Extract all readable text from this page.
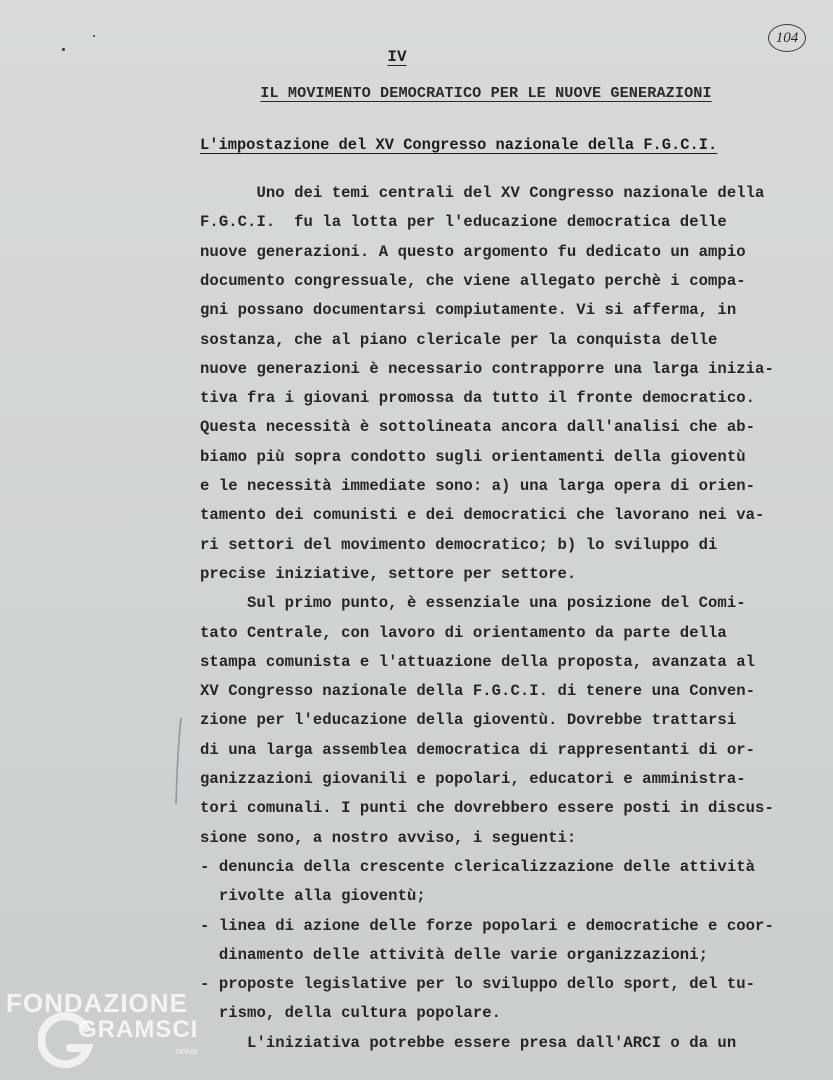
104
IV
IL MOVIMENTO DEMOCRATICO PER LE NUOVE GENERAZIONI
L'impostazione del XV Congresso nazionale della F.G.C.I.
Uno dei temi centrali del XV Congresso nazionale della
F.G.C.I.  fu la lotta per l'educazione democratica delle
nuove generazioni. A questo argomento fu dedicato un ampio
documento congressuale, che viene allegato perchè i compa-
gni possano documentarsi compiutamente. Vi si afferma, in
sostanza, che al piano clericale per la conquista delle
nuove generazioni è necessario contrapporre una larga inizia-
tiva fra i giovani promossa da tutto il fronte democratico.
Questa necessità è sottolineata ancora dall'analisi che ab-
biamo più sopra condotto sugli orientamenti della gioventù
e le necessità immediate sono: a) una larga opera di orien-
tamento dei comunisti e dei democratici che lavorano nei va-
ri settori del movimento democratico; b) lo sviluppo di
precise iniziative, settore per settore.
Sul primo punto, è essenziale una posizione del Comi-
tato Centrale, con lavoro di orientamento da parte della
stampa comunista e l'attuazione della proposta, avanzata al
XV Congresso nazionale della F.G.C.I. di tenere una Conven-
zione per l'educazione della gioventù. Dovrebbe trattarsi
di una larga assemblea democratica di rappresentanti di or-
ganizzazioni giovanili e popolari, educatori e amministra-
tori comunali. I punti che dovrebbero essere posti in discus-
sione sono, a nostro avviso, i seguenti:
- denuncia della crescente clericalizzazione delle attività
rivolte alla gioventù;
- linea di azione delle forze popolari e democratiche e coor-
dinamento delle attività delle varie organizzazioni;
- proposte legislative per lo sviluppo dello sport, del tu-
rismo, della cultura popolare.
L'iniziativa potrebbe essere presa dall'ARCI o da un
FONDAZIONE
GRAMSCI
onlus
